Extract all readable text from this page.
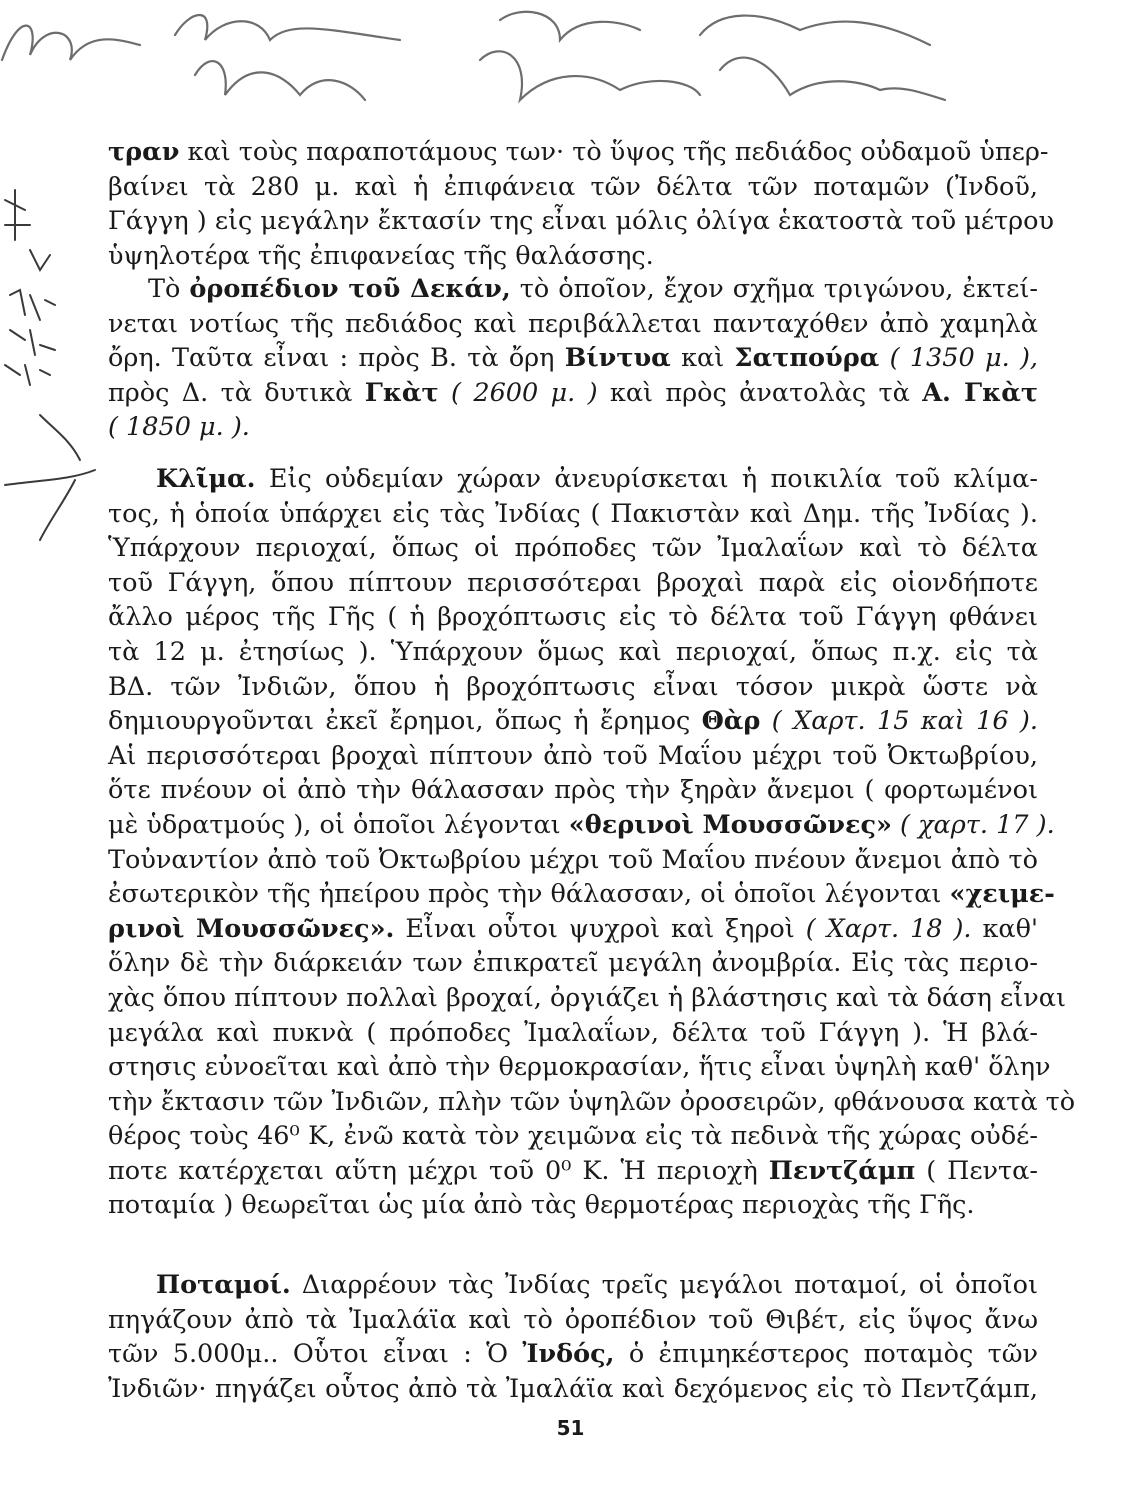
τραν καὶ τοὺς παραποτάμους των· τὸ ὕψος τῆς πεδιάδος οὐδαμοῦ ὑπερ-
βαίνει τὰ 280 μ. καὶ ἡ ἐπιφάνεια τῶν δέλτα τῶν ποταμῶν (Ἰνδοῦ,
Γάγγη ) εἰς μεγάλην ἔκτασίν της εἶναι μόλις ὀλίγα ἑκατοστὰ τοῦ μέτρου
ὑψηλοτέρα τῆς ἐπιφανείας τῆς θαλάσσης.
Τὸ ὀροπέδιον τοῦ Δεκάν, τὸ ὁποῖον, ἔχον σχῆμα τριγώνου, ἐκτεί-
νεται νοτίως τῆς πεδιάδος καὶ περιβάλλεται πανταχόθεν ἀπὸ χαμηλὰ
ὄρη. Ταῦτα εἶναι : πρὸς Β. τὰ ὄρη Βίντυα καὶ Σατπούρα ( 1350 μ. ),
πρὸς Δ. τὰ δυτικὰ Γκὰτ ( 2600 μ. ) καὶ πρὸς ἀνατολὰς τὰ Α. Γκὰτ
( 1850 μ. ).
Κλῖμα. Εἰς οὐδεμίαν χώραν ἀνευρίσκεται ἡ ποικιλία τοῦ κλίμα-
τος, ἡ ὁποία ὑπάρχει εἰς τὰς Ἰνδίας ( Πακιστὰν καὶ Δημ. τῆς Ἰνδίας ).
Ὑπάρχουν περιοχαί, ὅπως οἱ πρόποδες τῶν Ἰμαλαΐων καὶ τὸ δέλτα
τοῦ Γάγγη, ὅπου πίπτουν περισσότεραι βροχαὶ παρὰ εἰς οἱονδήποτε
ἄλλο μέρος τῆς Γῆς ( ἡ βροχόπτωσις εἰς τὸ δέλτα τοῦ Γάγγη φθάνει
τὰ 12 μ. ἐτησίως ). Ὑπάρχουν ὅμως καὶ περιοχαί, ὅπως π.χ. εἰς τὰ
ΒΔ. τῶν Ἰνδιῶν, ὅπου ἡ βροχόπτωσις εἶναι τόσον μικρὰ ὥστε νὰ
δημιουργοῦνται ἐκεῖ ἔρημοι, ὅπως ἡ ἔρημος Θὰρ ( Χαρτ. 15 καὶ 16 ).
Αἱ περισσότεραι βροχαὶ πίπτουν ἀπὸ τοῦ Μαΐου μέχρι τοῦ Ὀκτωβρίου,
ὅτε πνέουν οἱ ἀπὸ τὴν θάλασσαν πρὸς τὴν ξηρὰν ἄνεμοι ( φορτωμένοι
μὲ ὑδρατμούς ), οἱ ὁποῖοι λέγονται «θερινοὶ Μουσσῶνες» ( χαρτ. 17 ).
Τοὐναντίον ἀπὸ τοῦ Ὀκτωβρίου μέχρι τοῦ Μαΐου πνέουν ἄνεμοι ἀπὸ τὸ
ἐσωτερικὸν τῆς ἠπείρου πρὸς τὴν θάλασσαν, οἱ ὁποῖοι λέγονται «χειμε-
ρινοὶ Μουσσῶνες». Εἶναι οὗτοι ψυχροὶ καὶ ξηροὶ ( Χαρτ. 18 ). καθ'
ὅλην δὲ τὴν διάρκειάν των ἐπικρατεῖ μεγάλη ἀνομβρία. Εἰς τὰς περιο-
χὰς ὅπου πίπτουν πολλαὶ βροχαί, ὀργιάζει ἡ βλάστησις καὶ τὰ δάση εἶναι
μεγάλα καὶ πυκνὰ ( πρόποδες Ἰμαλαΐων, δέλτα τοῦ Γάγγη ). Ἡ βλά-
στησις εὐνοεῖται καὶ ἀπὸ τὴν θερμοκρασίαν, ἥτις εἶναι ὑψηλὴ καθ' ὅλην
τὴν ἔκτασιν τῶν Ἰνδιῶν, πλὴν τῶν ὑψηλῶν ὀροσειρῶν, φθάνουσα κατὰ τὸ
θέρος τοὺς 46⁰ Κ, ἐνῶ κατὰ τὸν χειμῶνα εἰς τὰ πεδινὰ τῆς χώρας οὐδέ-
ποτε κατέρχεται αὕτη μέχρι τοῦ 0⁰ Κ. Ἡ περιοχὴ Πεντζάμπ ( Πεντα-
ποταμία ) θεωρεῖται ὡς μία ἀπὸ τὰς θερμοτέρας περιοχὰς τῆς Γῆς.
Ποταμοί. Διαρρέουν τὰς Ἰνδίας τρεῖς μεγάλοι ποταμοί, οἱ ὁποῖοι
πηγάζουν ἀπὸ τὰ Ἰμαλάϊα καὶ τὸ ὀροπέδιον τοῦ Θιβέτ, εἰς ὕψος ἄνω
τῶν 5.000μ.. Οὗτοι εἶναι : Ὁ Ἰνδός, ὁ ἐπιμηκέστερος ποταμὸς τῶν
Ἰνδιῶν· πηγάζει οὗτος ἀπὸ τὰ Ἰμαλάϊα καὶ δεχόμενος εἰς τὸ Πεντζάμπ,
51
